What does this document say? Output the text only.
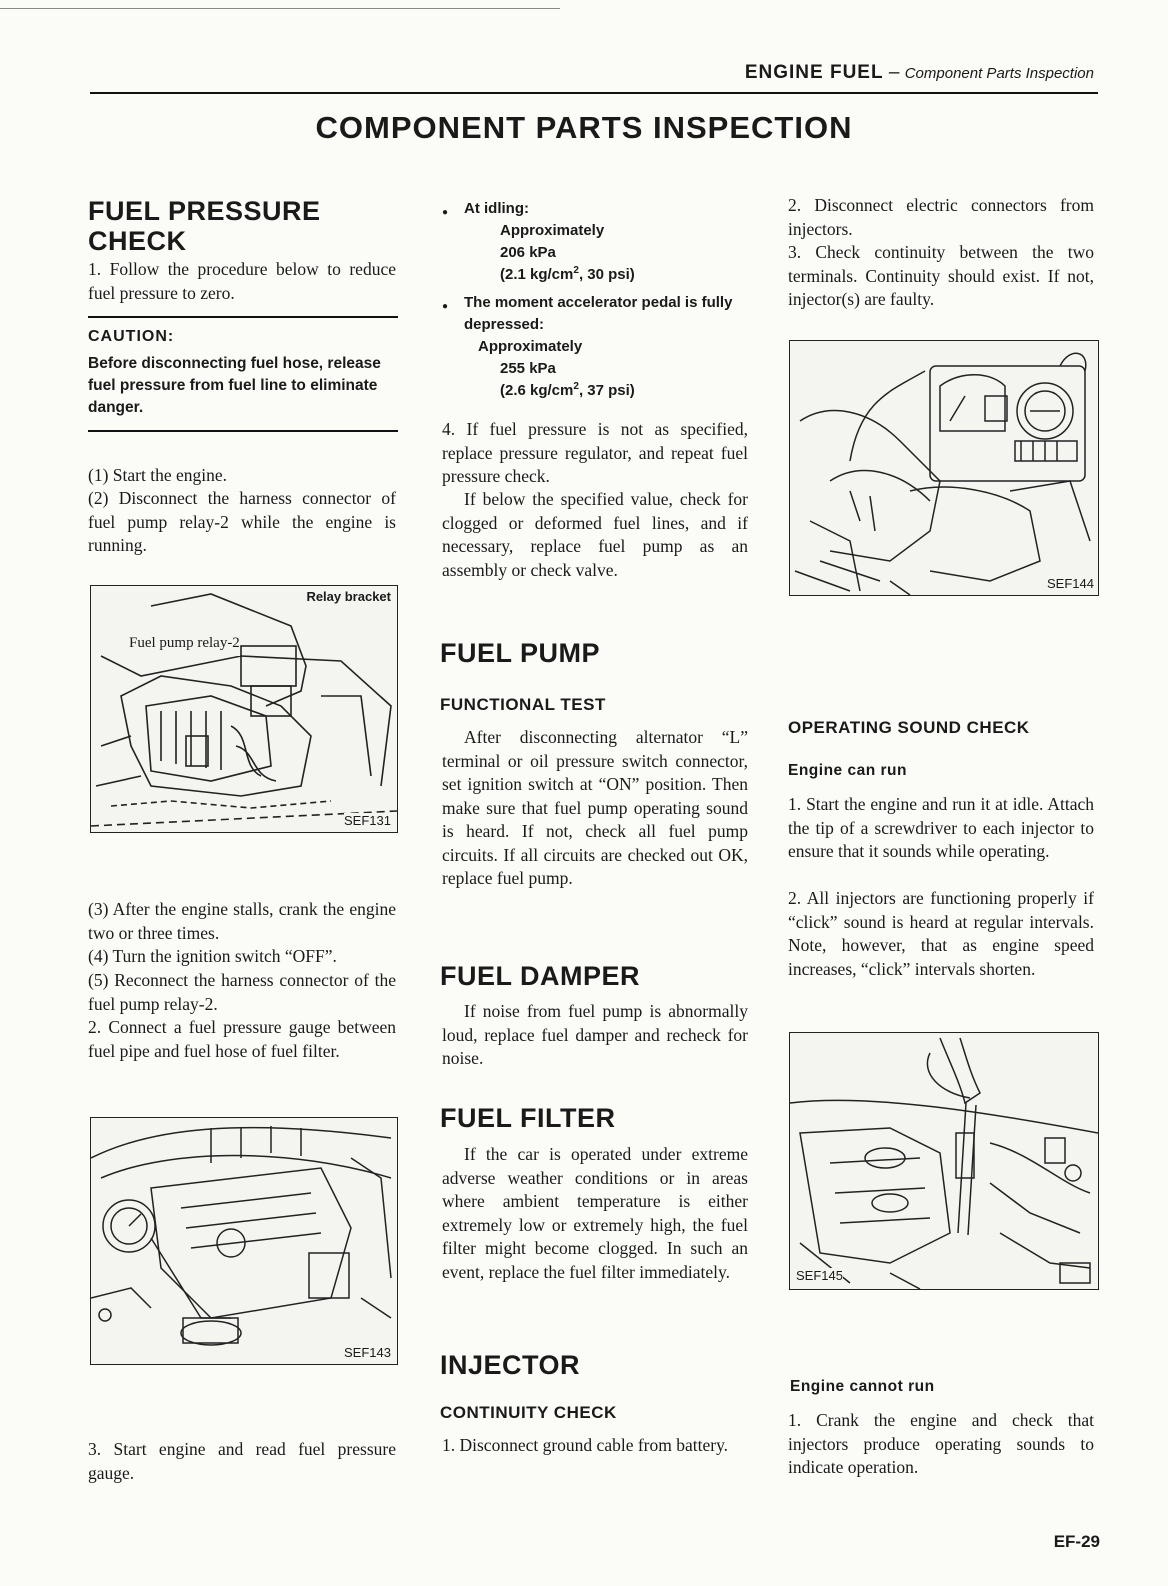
ENGINE FUEL – Component Parts Inspection
COMPONENT PARTS INSPECTION
FUEL PRESSURE CHECK

1. Follow the procedure below to reduce fuel pressure to zero.

CAUTION:
Before disconnecting fuel hose, release fuel pressure from fuel line to eliminate danger.

(1) Start the engine.

(2) Disconnect the harness connector of fuel pump relay-2 while the engine is running.

Relay bracket
Fuel pump relay-2
SEF131

(3) After the engine stalls, crank the engine two or three times.

(4) Turn the ignition switch “OFF”.

(5) Reconnect the harness connector of the fuel pump relay-2.

2. Connect a fuel pressure gauge between fuel pipe and fuel hose of fuel filter.

SEF143

3. Start engine and read fuel pressure gauge.

● At idling:
Approximately
206 kPa
(2.1 $kg/cm^2$, 30 psi)
● The moment accelerator pedal is fully depressed:
Approximately
255 kPa
(2.6 $kg/cm^2$, 37 psi)

4. If fuel pressure is not as specified, replace pressure regulator, and repeat fuel pressure check.

If below the specified value, check for clogged or deformed fuel lines, and if necessary, replace fuel pump as an assembly or check valve.

FUEL PUMP
FUNCTIONAL TEST

After disconnecting alternator “L” terminal or oil pressure switch connector, set ignition switch at “ON” position. Then make sure that fuel pump operating sound is heard. If not, check all fuel pump circuits. If all circuits are checked out OK, replace fuel pump.

FUEL DAMPER

If noise from fuel pump is abnormally loud, replace fuel damper and recheck for noise.

FUEL FILTER

If the car is operated under extreme adverse weather conditions or in areas where ambient temperature is either extremely low or extremely high, the fuel filter might become clogged. In such an event, replace the fuel filter immediately.

INJECTOR
CONTINUITY CHECK

1. Disconnect ground cable from battery.

2. Disconnect electric connectors from injectors.

3. Check continuity between the two terminals. Continuity should exist. If not, injector(s) are faulty.

SEF144
OPERATING SOUND CHECK
Engine can run

1. Start the engine and run it at idle. Attach the tip of a screwdriver to each injector to ensure that it sounds while operating.

2. All injectors are functioning properly if “click” sound is heard at regular intervals. Note, however, that as engine speed increases, “click” intervals shorten.

SEF145
Engine cannot run

1. Crank the engine and check that injectors produce operating sounds to indicate operation.

EF-29
